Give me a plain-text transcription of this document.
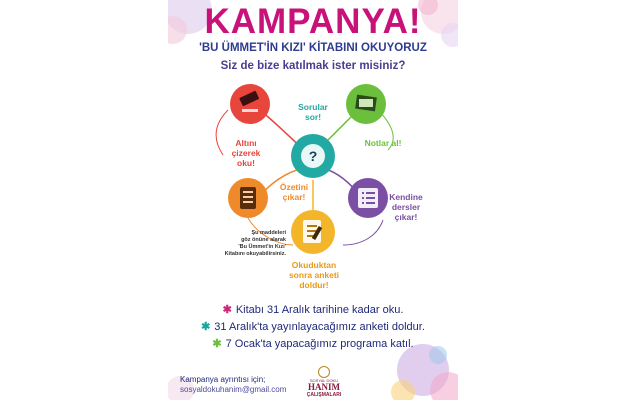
KAMPANYA!
'BU ÜMMET'İN KIZI' KİTABINI OKUYORUZ
Siz de bize katılmak ister misiniz?
?
Altını
çizerek
oku!
Sorular
sor!
Notlar al!
Özetini
çıkar!	Kendine
dersler
çıkar!
Okuduktan
sonra anketi
doldur!
Şu maddeleri
göz önüne alarak
'Bu Ümmet'in Kızı'
Kitabını okuyabilirsiniz.
✱ Kitabı 31 Aralık tarihine kadar oku.
✱ 31 Aralık'ta yayınlayacağımız anketi doldur.
✱ 7 Ocak'ta yapacağımız programa katıl.
Kampanya ayrıntısı için;
sosyaldokuhanim@gmail.com
SOSYAL DOKU
HANIM
ÇALIŞMALARI
